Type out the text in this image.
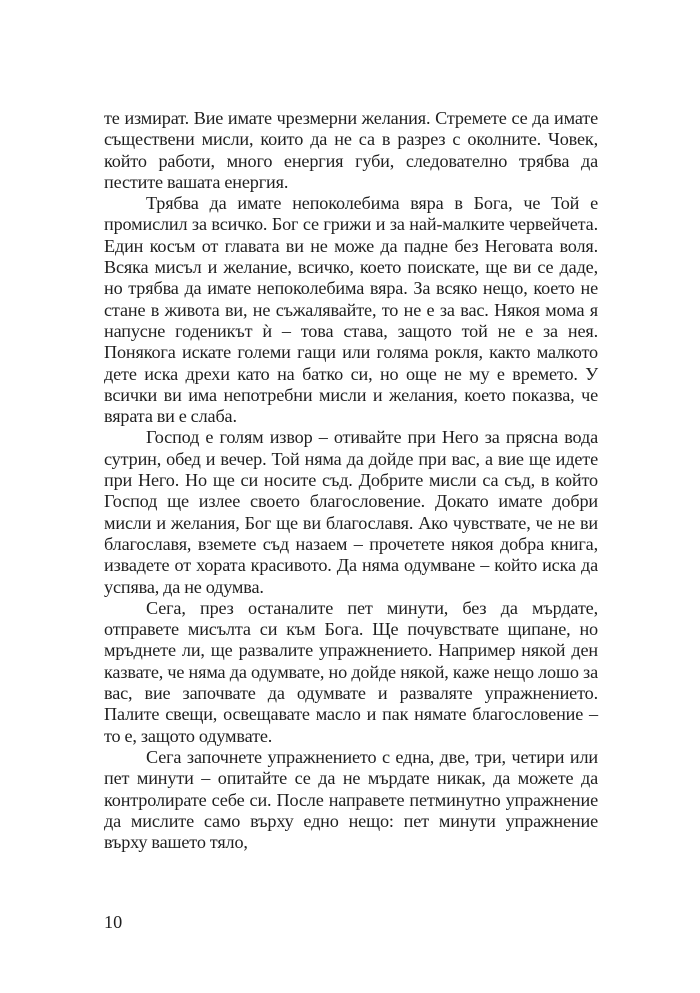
те измират. Вие имате чрезмерни желания. Стремете се да имате съществени мисли, които да не са в разрез с околните. Човек, който работи, много енергия губи, следователно трябва да пестите вашата енергия.

Трябва да имате непоколебима вяра в Бога, че Той е промислил за всичко. Бог се грижи и за най-малките червейчета. Един косъм от главата ви не може да падне без Неговата воля. Всяка мисъл и желание, всичко, което поискате, ще ви се даде, но трябва да имате непоколебима вяра. За всяко нещо, което не стане в живота ви, не съжалявайте, то не е за вас. Някоя мома я напусне годеникът ѝ – това става, защото той не е за нея. Понякога искате големи гащи или голяма рокля, както малкото дете иска дрехи като на батко си, но още не му е времето. У всички ви има непотребни мисли и желания, което показва, че вярата ви е слаба.

Господ е голям извор – отивайте при Него за прясна вода сутрин, обед и вечер. Той няма да дойде при вас, а вие ще идете при Него. Но ще си носите съд. Добрите мисли са съд, в който Господ ще излее своето благословение. Докато имате добри мисли и желания, Бог ще ви благославя. Ако чувствате, че не ви благославя, вземете съд назаем – прочетете някоя добра книга, извадете от хората красивото. Да няма одумване – който иска да успява, да не одумва.

Сега, през останалите пет минути, без да мърдате, отправете мисълта си към Бога. Ще почувствате щипане, но мръднете ли, ще развалите упражнението. Например някой ден казвате, че няма да одумвате, но дойде някой, каже нещо лошо за вас, вие започвате да одумвате и разваляте упражнението. Палите свещи, освещавате масло и пак нямате благословение – то е, защото одумвате.

Сега започнете упражнението с една, две, три, четири или пет минути – опитайте се да не мърдате никак, да можете да контролирате себе си. После направете петминутно упражнение да мислите само върху едно нещо: пет минути упражнение върху вашето тяло,

10
